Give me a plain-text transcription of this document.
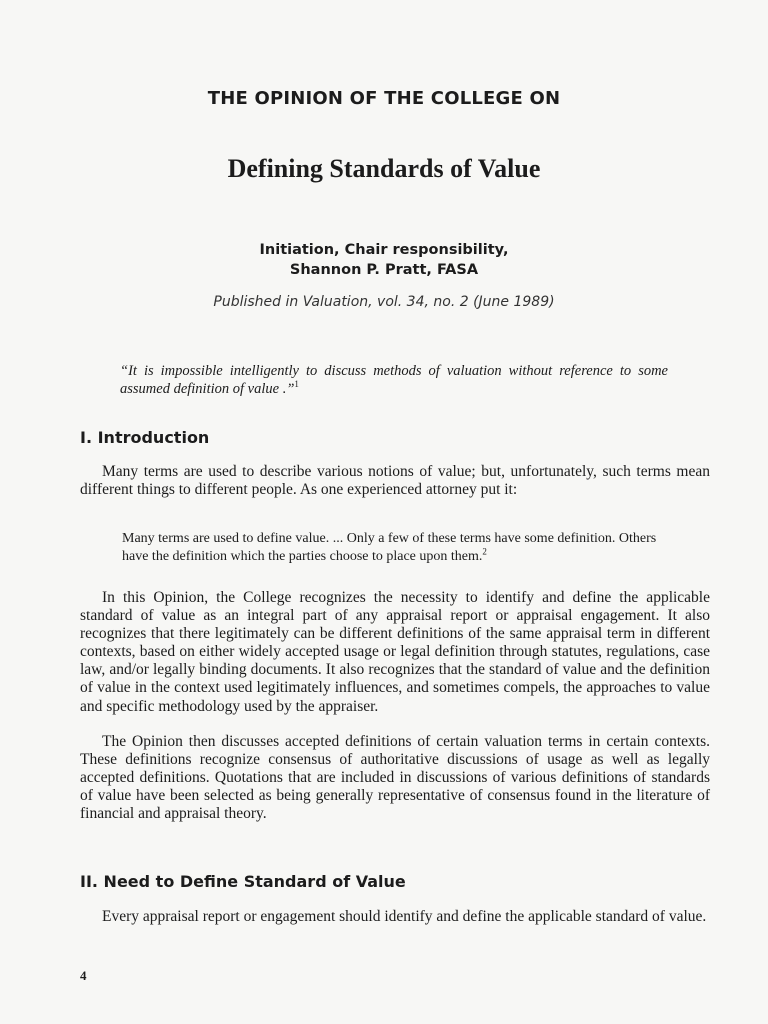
THE OPINION OF THE COLLEGE ON
Defining Standards of Value
Initiation, Chair responsibility,
Shannon P. Pratt, FASA
Published in Valuation, vol. 34, no. 2 (June 1989)
“It is impossible intelligently to discuss methods of valuation without reference to some assumed definition of value .”$^1$
I. Introduction

Many terms are used to describe various notions of value; but, unfortunately, such terms mean different things to different people. As one experienced attorney put it:

Many terms are used to define value. ... Only a few of these terms have some definition. Others have the definition which the parties choose to place upon them.$^2$

In this Opinion, the College recognizes the necessity to identify and define the applicable standard of value as an integral part of any appraisal report or appraisal engagement. It also recognizes that there legitimately can be different definitions of the same appraisal term in different contexts, based on either widely accepted usage or legal definition through statutes, regulations, case law, and/or legally binding documents. It also recognizes that the standard of value and the definition of value in the context used legitimately influences, and sometimes compels, the approaches to value and specific methodology used by the appraiser.

The Opinion then discusses accepted definitions of certain valuation terms in certain contexts. These definitions recognize consensus of authoritative discussions of usage as well as legally accepted definitions. Quotations that are included in discussions of various definitions of standards of value have been selected as being generally representative of consensus found in the literature of financial and appraisal theory.

II. Need to Define Standard of Value

Every appraisal report or engagement should identify and define the applicable standard of value.

4
